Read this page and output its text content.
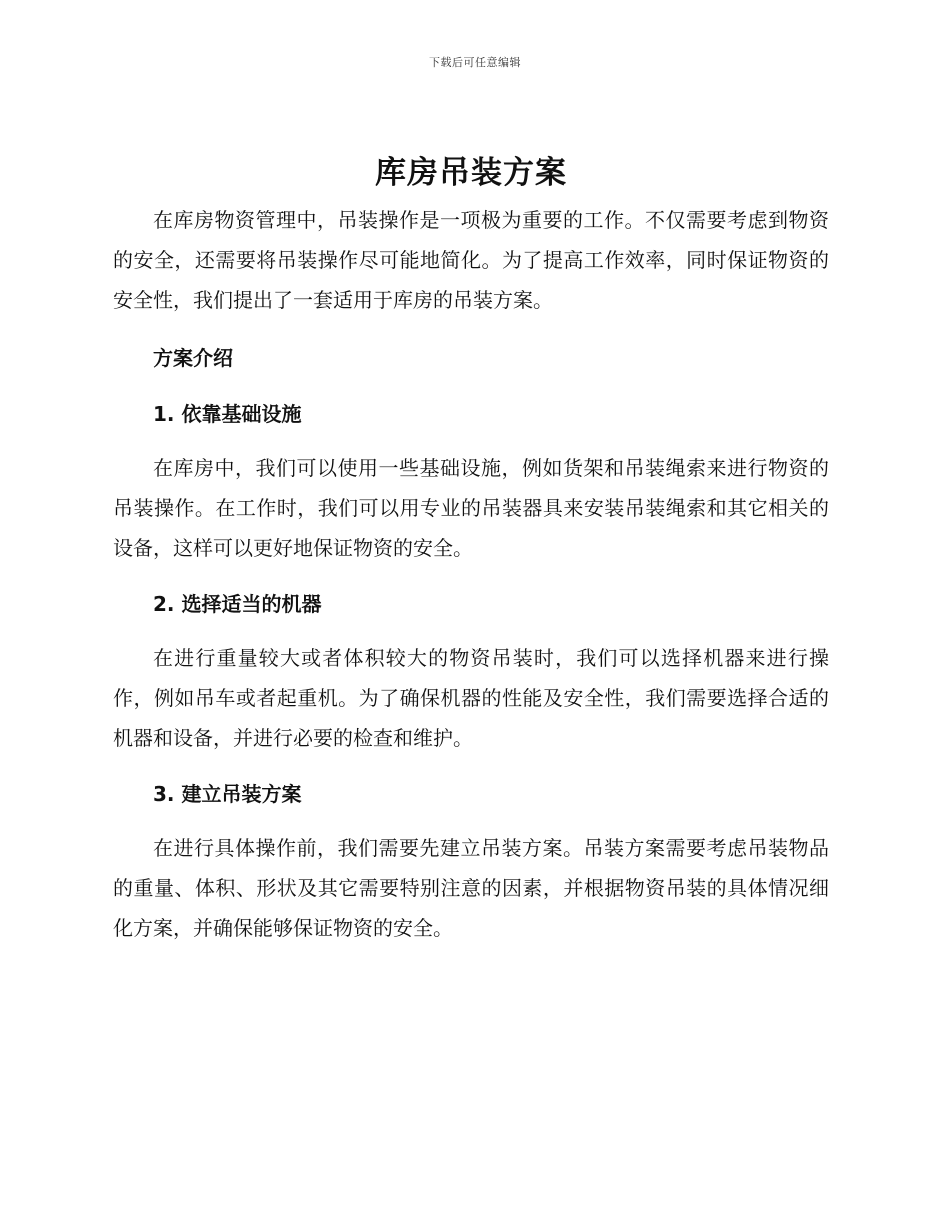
下载后可任意编辑
库房吊装方案

在库房物资管理中，吊装操作是一项极为重要的工作。不仅需要考虑到物资的安全，还需要将吊装操作尽可能地简化。为了提高工作效率，同时保证物资的安全性，我们提出了一套适用于库房的吊装方案。

方案介绍
1. 依靠基础设施

在库房中，我们可以使用一些基础设施，例如货架和吊装绳索来进行物资的吊装操作。在工作时，我们可以用专业的吊装器具来安装吊装绳索和其它相关的设备，这样可以更好地保证物资的安全。

2. 选择适当的机器

在进行重量较大或者体积较大的物资吊装时，我们可以选择机器来进行操作，例如吊车或者起重机。为了确保机器的性能及安全性，我们需要选择合适的机器和设备，并进行必要的检查和维护。

3. 建立吊装方案

在进行具体操作前，我们需要先建立吊装方案。吊装方案需要考虑吊装物品的重量、体积、形状及其它需要特别注意的因素，并根据物资吊装的具体情况细化方案，并确保能够保证物资的安全。
